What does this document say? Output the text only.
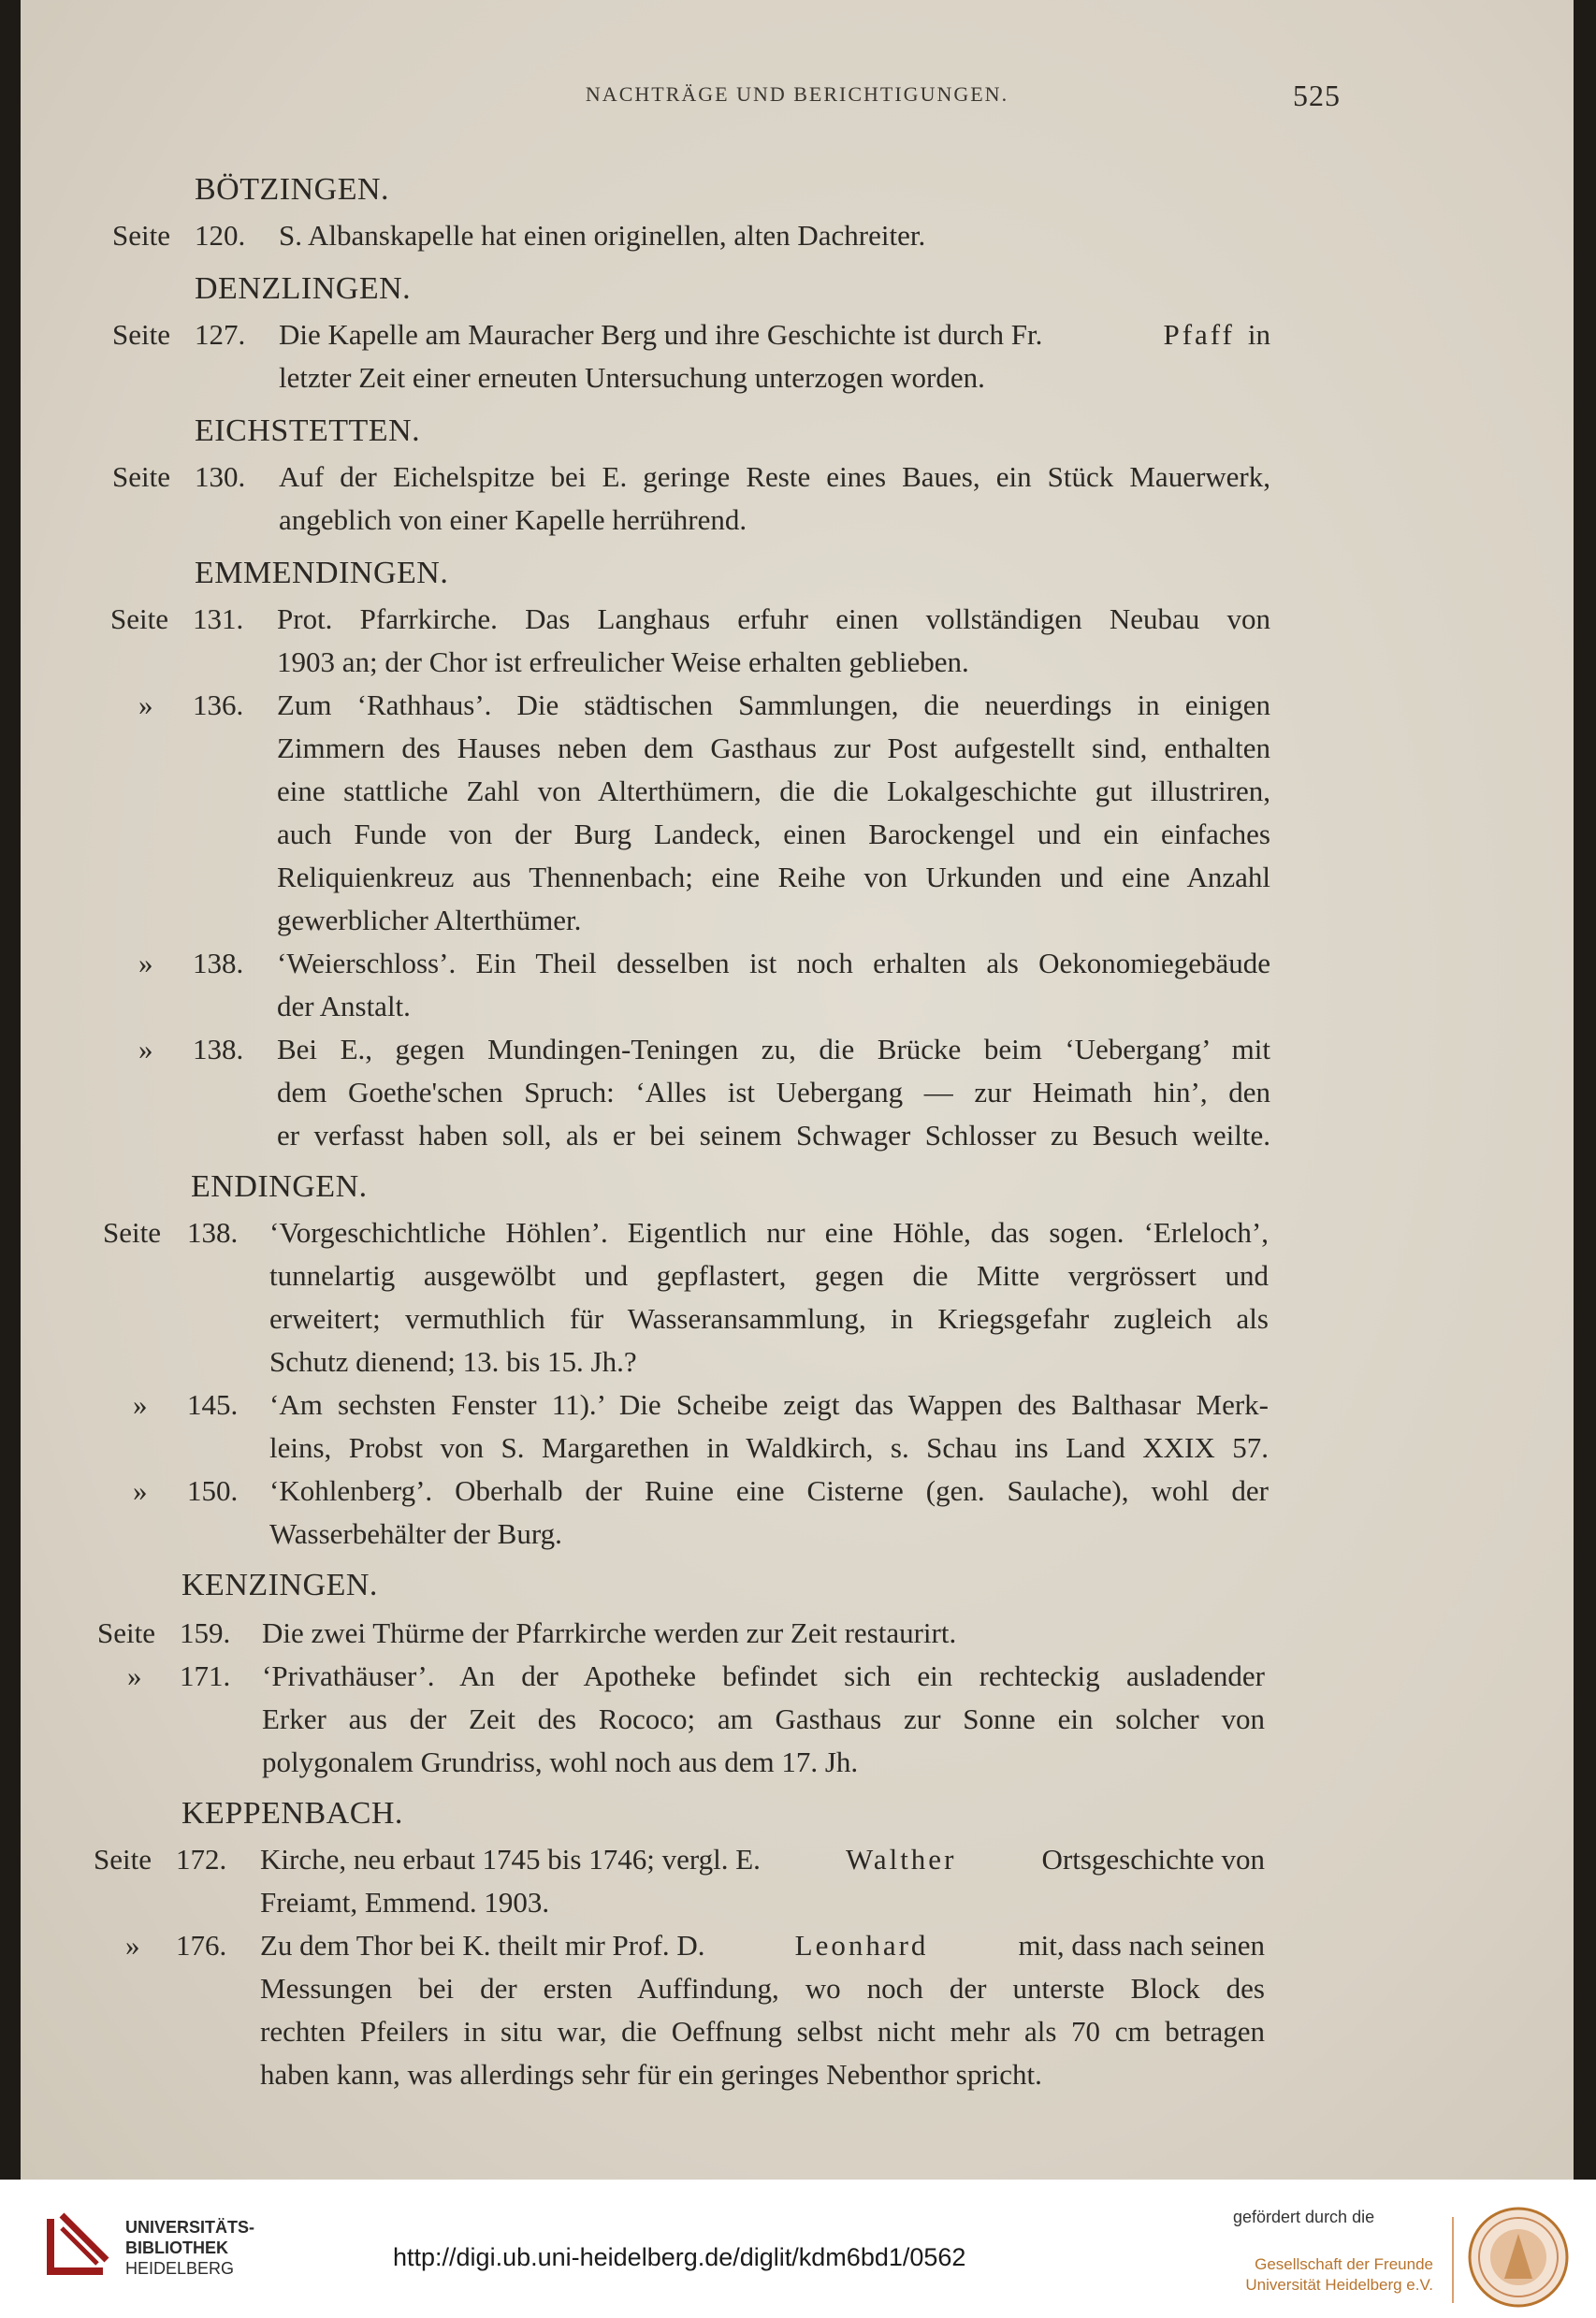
NACHTRÄGE UND BERICHTIGUNGEN.	525
BÖTZINGEN.
Seite 120. S. Albanskapelle hat einen originellen, alten Dachreiter.
DENZLINGEN.
Seite 127. Die Kapelle am Mauracher Berg und ihre Geschichte ist durch Fr.	Pfaff in
letzter Zeit einer erneuten Untersuchung unterzogen worden.
EICHSTETTEN.
Seite 130. Auf der Eichelspitze bei E. geringe Reste eines Baues, ein Stück Mauerwerk,
angeblich von einer Kapelle herrührend.
EMMENDINGEN.
Seite 131. Prot. Pfarrkirche. Das Langhaus erfuhr einen vollständigen Neubau von
1903 an; der Chor ist erfreulicher Weise erhalten geblieben.
» 136. Zum ‘Rathhaus’. Die städtischen Sammlungen, die neuerdings in einigen
Zimmern des Hauses neben dem Gasthaus zur Post aufgestellt sind, enthalten
eine stattliche Zahl von Alterthümern, die die Lokalgeschichte gut illustriren,
auch Funde von der Burg Landeck, einen Barockengel und ein einfaches
Reliquienkreuz aus Thennenbach; eine Reihe von Urkunden und eine Anzahl
gewerblicher Alterthümer.
» 138. ‘Weierschloss’. Ein Theil desselben ist noch erhalten als Oekonomiegebäude
der Anstalt.
» 138. Bei E., gegen Mundingen-Teningen zu, die Brücke beim ‘Uebergang’ mit
dem Goethe'schen Spruch: ‘Alles ist Uebergang — zur Heimath hin’, den
er verfasst haben soll, als er bei seinem Schwager Schlosser zu Besuch weilte.
ENDINGEN.
Seite 138. ‘Vorgeschichtliche Höhlen’. Eigentlich nur eine Höhle, das sogen. ‘Erleloch’,
tunnelartig ausgewölbt und gepflastert, gegen die Mitte vergrössert und
erweitert; vermuthlich für Wasseransammlung, in Kriegsgefahr zugleich als
Schutz dienend; 13. bis 15. Jh.?
» 145. ‘Am sechsten Fenster 11).’ Die Scheibe zeigt das Wappen des Balthasar Merk-
leins, Probst von S. Margarethen in Waldkirch, s. Schau ins Land XXIX 57.
» 150. ‘Kohlenberg’. Oberhalb der Ruine eine Cisterne (gen. Saulache), wohl der
Wasserbehälter der Burg.
KENZINGEN.
Seite 159. Die zwei Thürme der Pfarrkirche werden zur Zeit restaurirt.
» 171. ‘Privathäuser’. An der Apotheke befindet sich ein rechteckig ausladender
Erker aus der Zeit des Rococo; am Gasthaus zur Sonne ein solcher von
polygonalem Grundriss, wohl noch aus dem 17. Jh.
KEPPENBACH.
Seite 172. Kirche, neu erbaut 1745 bis 1746; vergl. E.	Walther	Ortsgeschichte von
Freiamt, Emmend. 1903.
» 176. Zu dem Thor bei K. theilt mir Prof. D.	Leonhard	mit, dass nach seinen
Messungen bei der ersten Auffindung, wo noch der unterste Block des
rechten Pfeilers in situ war, die Oeffnung selbst nicht mehr als 70 cm betragen
haben kann, was allerdings sehr für ein geringes Nebenthor spricht.
UNIVERSITÄTS-
BIBLIOTHEK
HEIDELBERG	http://digi.ub.uni-heidelberg.de/diglit/kdm6bd1/0562
gefördert durch die
Gesellschaft der Freunde
Universität Heidelberg e.V.
